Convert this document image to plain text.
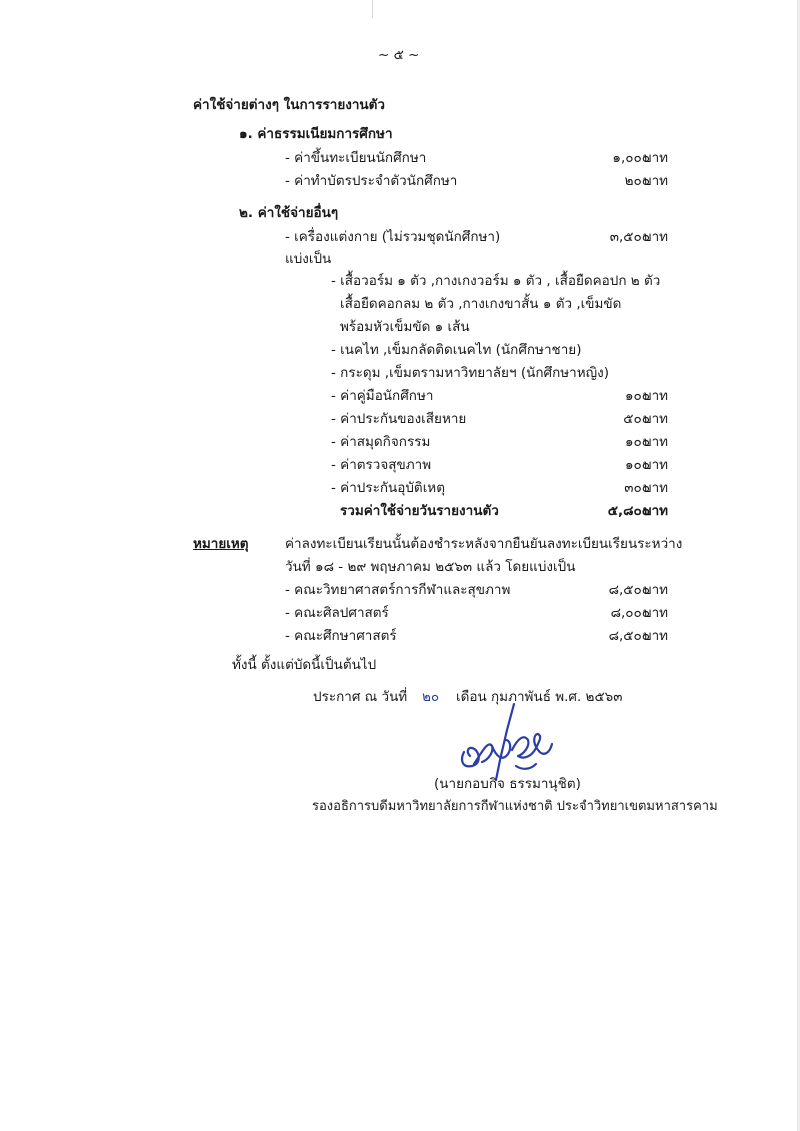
~ ๕ ~
ค่าใช้จ่ายต่างๆ ในการรายงานตัว
๑. ค่าธรรมเนียมการศึกษา
- ค่าขึ้นทะเบียนนักศึกษา	๑,๐๐๐
บาท
- ค่าทำบัตรประจำตัวนักศึกษา	๒๐๐
บาท
๒. ค่าใช้จ่ายอื่นๆ
- เครื่องแต่งกาย (ไม่รวมชุดนักศึกษา)	๓,๕๐๐
บาท
แบ่งเป็น
- เสื้อวอร์ม ๑ ตัว ,กางเกงวอร์ม ๑ ตัว , เสื้อยืดคอปก ๒ ตัว
เสื้อยืดคอกลม ๒ ตัว ,กางเกงขาสั้น ๑ ตัว ,เข็มขัด
พร้อมหัวเข็มขัด ๑ เส้น
- เนคไท ,เข็มกลัดติดเนคไท (นักศึกษาชาย)
- กระดุม ,เข็มตรามหาวิทยาลัยฯ (นักศึกษาหญิง)
- ค่าคู่มือนักศึกษา	๑๐๐
บาท
- ค่าประกันของเสียหาย	๕๐๐
บาท
- ค่าสมุดกิจกรรม	๑๐๐
บาท
- ค่าตรวจสุขภาพ	๑๐๐
บาท
- ค่าประกันอุบัติเหตุ	๓๐๐
บาท
รวมค่าใช้จ่ายวันรายงานตัว	๕,๘๐๐
บาท
หมายเหตุ	ค่าลงทะเบียนเรียนนั้นต้องชำระหลังจากยืนยันลงทะเบียนเรียนระหว่าง
วันที่ ๑๘ - ๒๙ พฤษภาคม ๒๕๖๓ แล้ว โดยแบ่งเป็น
- คณะวิทยาศาสตร์การกีฬาและสุขภาพ	๘,๕๐๐
บาท
- คณะศิลปศาสตร์	๘,๐๐๐
บาท
- คณะศึกษาศาสตร์	๘,๕๐๐
บาท
ทั้งนี้ ตั้งแต่บัดนี้เป็นต้นไป
ประกาศ ณ วันที่ ๒๐ เดือน กุมภาพันธ์ พ.ศ. ๒๕๖๓
(นายกอบกิจ ธรรมานุชิต)
รองอธิการบดีมหาวิทยาลัยการกีฬาแห่งชาติ ประจำวิทยาเขตมหาสารคาม
